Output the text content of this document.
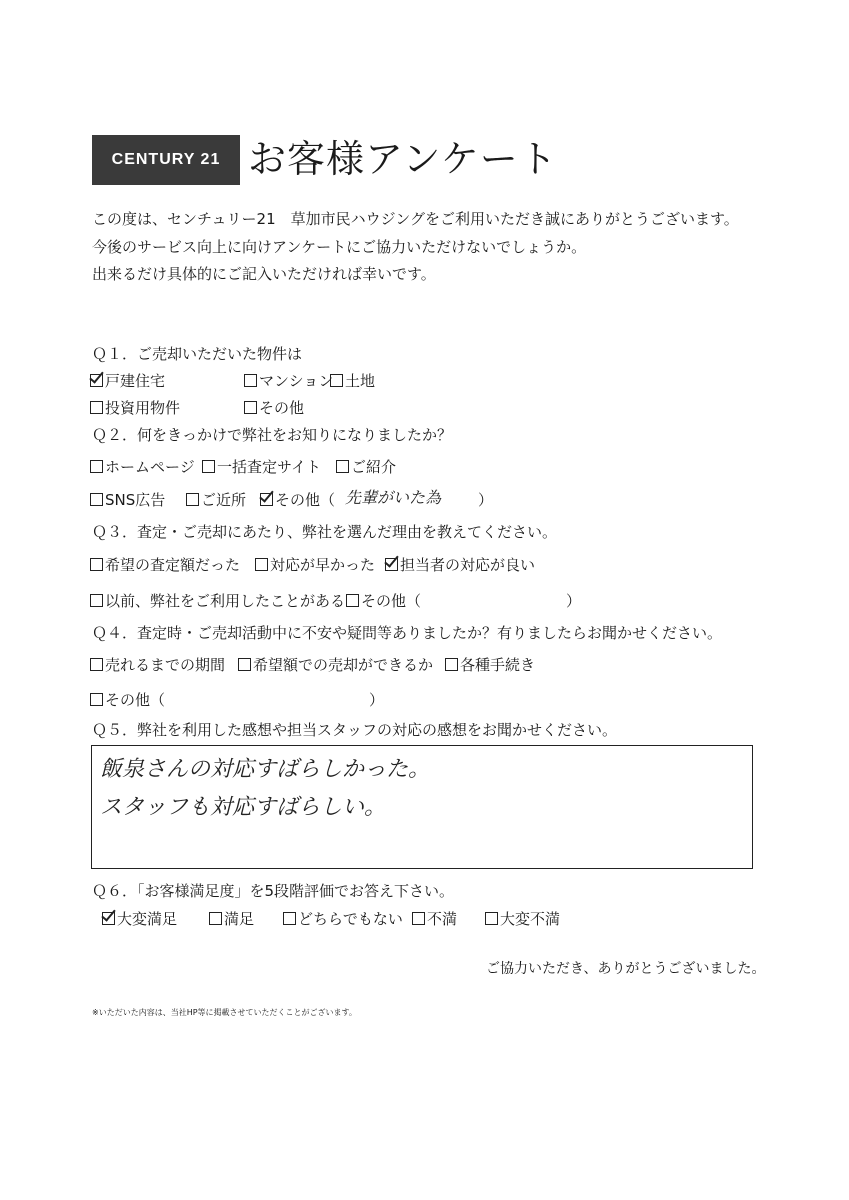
CENTURY 21 お客様アンケート
この度は、センチュリー21　草加市民ハウジングをご利用いただき誠にありがとうございます。
今後のサービス向上に向けアンケートにご協力いただけないでしょうか。
出来るだけ具体的にご記入いただければ幸いです。
Ｑ１．ご売却いただいた物件は
戸建住宅	マンション 土地
投資用物件	その他
Ｑ２．何をきっかけで弊社をお知りになりましたか？
ホームページ	一括査定サイト	ご紹介
SNS広告	ご近所	その他（ 先輩がいた為 ）
Ｑ３．査定・ご売却にあたり、弊社を選んだ理由を教えてください。
希望の査定額だった	対応が早かった	担当者の対応が良い
以前、弊社をご利用したことがある	その他（	）
Ｑ４．査定時・ご売却活動中に不安や疑問等ありましたか？有りましたらお聞かせください。
売れるまでの期間	希望額での売却ができるか	各種手続き
その他（	）
Ｑ５．弊社を利用した感想や担当スタッフの対応の感想をお聞かせください。
飯泉さんの対応すばらしかった。
スタッフも対応すばらしい。
Ｑ６．「お客様満足度」を5段階評価でお答え下さい。
大変満足	満足	どちらでもない	不満	大変不満
ご協力いただき、ありがとうございました。
※いただいた内容は、当社HP等に掲載させていただくことがございます。
